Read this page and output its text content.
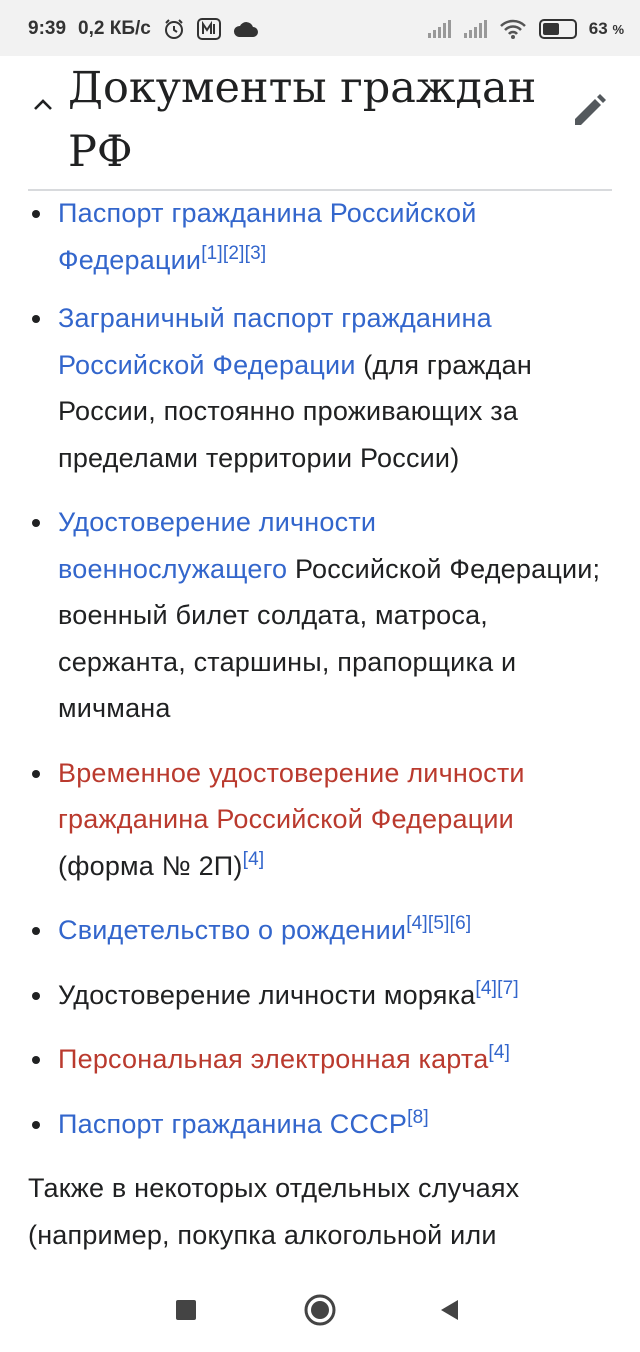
9:39 0,2 КБ/с	63 %
Документы граждан РФ
Паспорт гражданина Российской Федерации[1][2][3]
Заграничный паспорт гражданина Российской Федерации (для граждан России, постоянно проживающих за пределами территории России)
Удостоверение личности военнослужащего Российской Федерации; военный билет солдата, матроса, сержанта, старшины, прапорщика и мичмана
Временное удостоверение личности гражданина Российской Федерации (форма № 2П)[4]
Свидетельство о рождении[4][5][6]
Удостоверение личности моряка[4][7]
Персональная электронная карта[4]
Паспорт гражданина СССР[8]

Также в некоторых отдельных случаях (например, покупка алкогольной или
